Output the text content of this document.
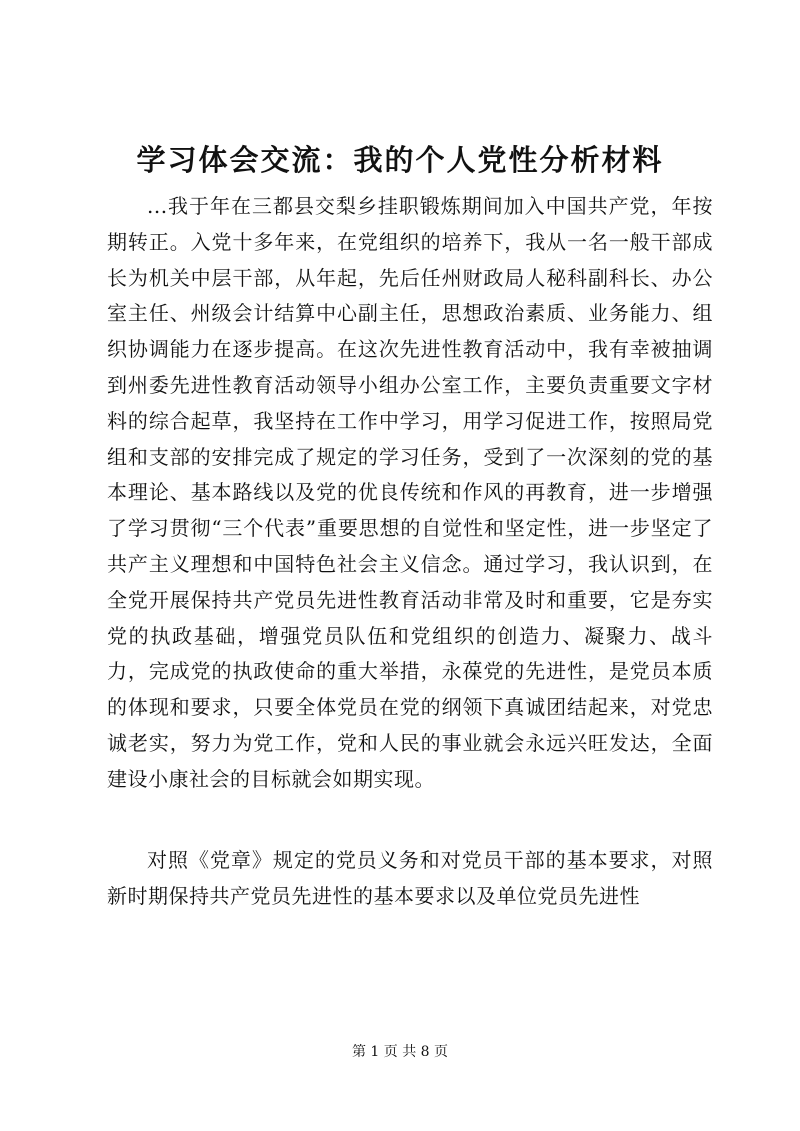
学习体会交流：我的个人党性分析材料

...我于年在三都县交梨乡挂职锻炼期间加入中国共产党，年按期转正。入党十多年来，在党组织的培养下，我从一名一般干部成长为机关中层干部，从年起，先后任州财政局人秘科副科长、办公室主任、州级会计结算中心副主任，思想政治素质、业务能力、组织协调能力在逐步提高。在这次先进性教育活动中，我有幸被抽调到州委先进性教育活动领导小组办公室工作，主要负责重要文字材料的综合起草，我坚持在工作中学习，用学习促进工作，按照局党组和支部的安排完成了规定的学习任务，受到了一次深刻的党的基本理论、基本路线以及党的优良传统和作风的再教育，进一步增强了学习贯彻“三个代表”重要思想的自觉性和坚定性，进一步坚定了共产主义理想和中国特色社会主义信念。通过学习，我认识到，在全党开展保持共产党员先进性教育活动非常及时和重要，它是夯实党的执政基础，增强党员队伍和党组织的创造力、凝聚力、战斗力，完成党的执政使命的重大举措，永葆党的先进性，是党员本质的体现和要求，只要全体党员在党的纲领下真诚团结起来，对党忠诚老实，努力为党工作，党和人民的事业就会永远兴旺发达，全面建设小康社会的目标就会如期实现。

对照《党章》规定的党员义务和对党员干部的基本要求，对照新时期保持共产党员先进性的基本要求以及单位党员先进性

第 1 页 共 8 页
